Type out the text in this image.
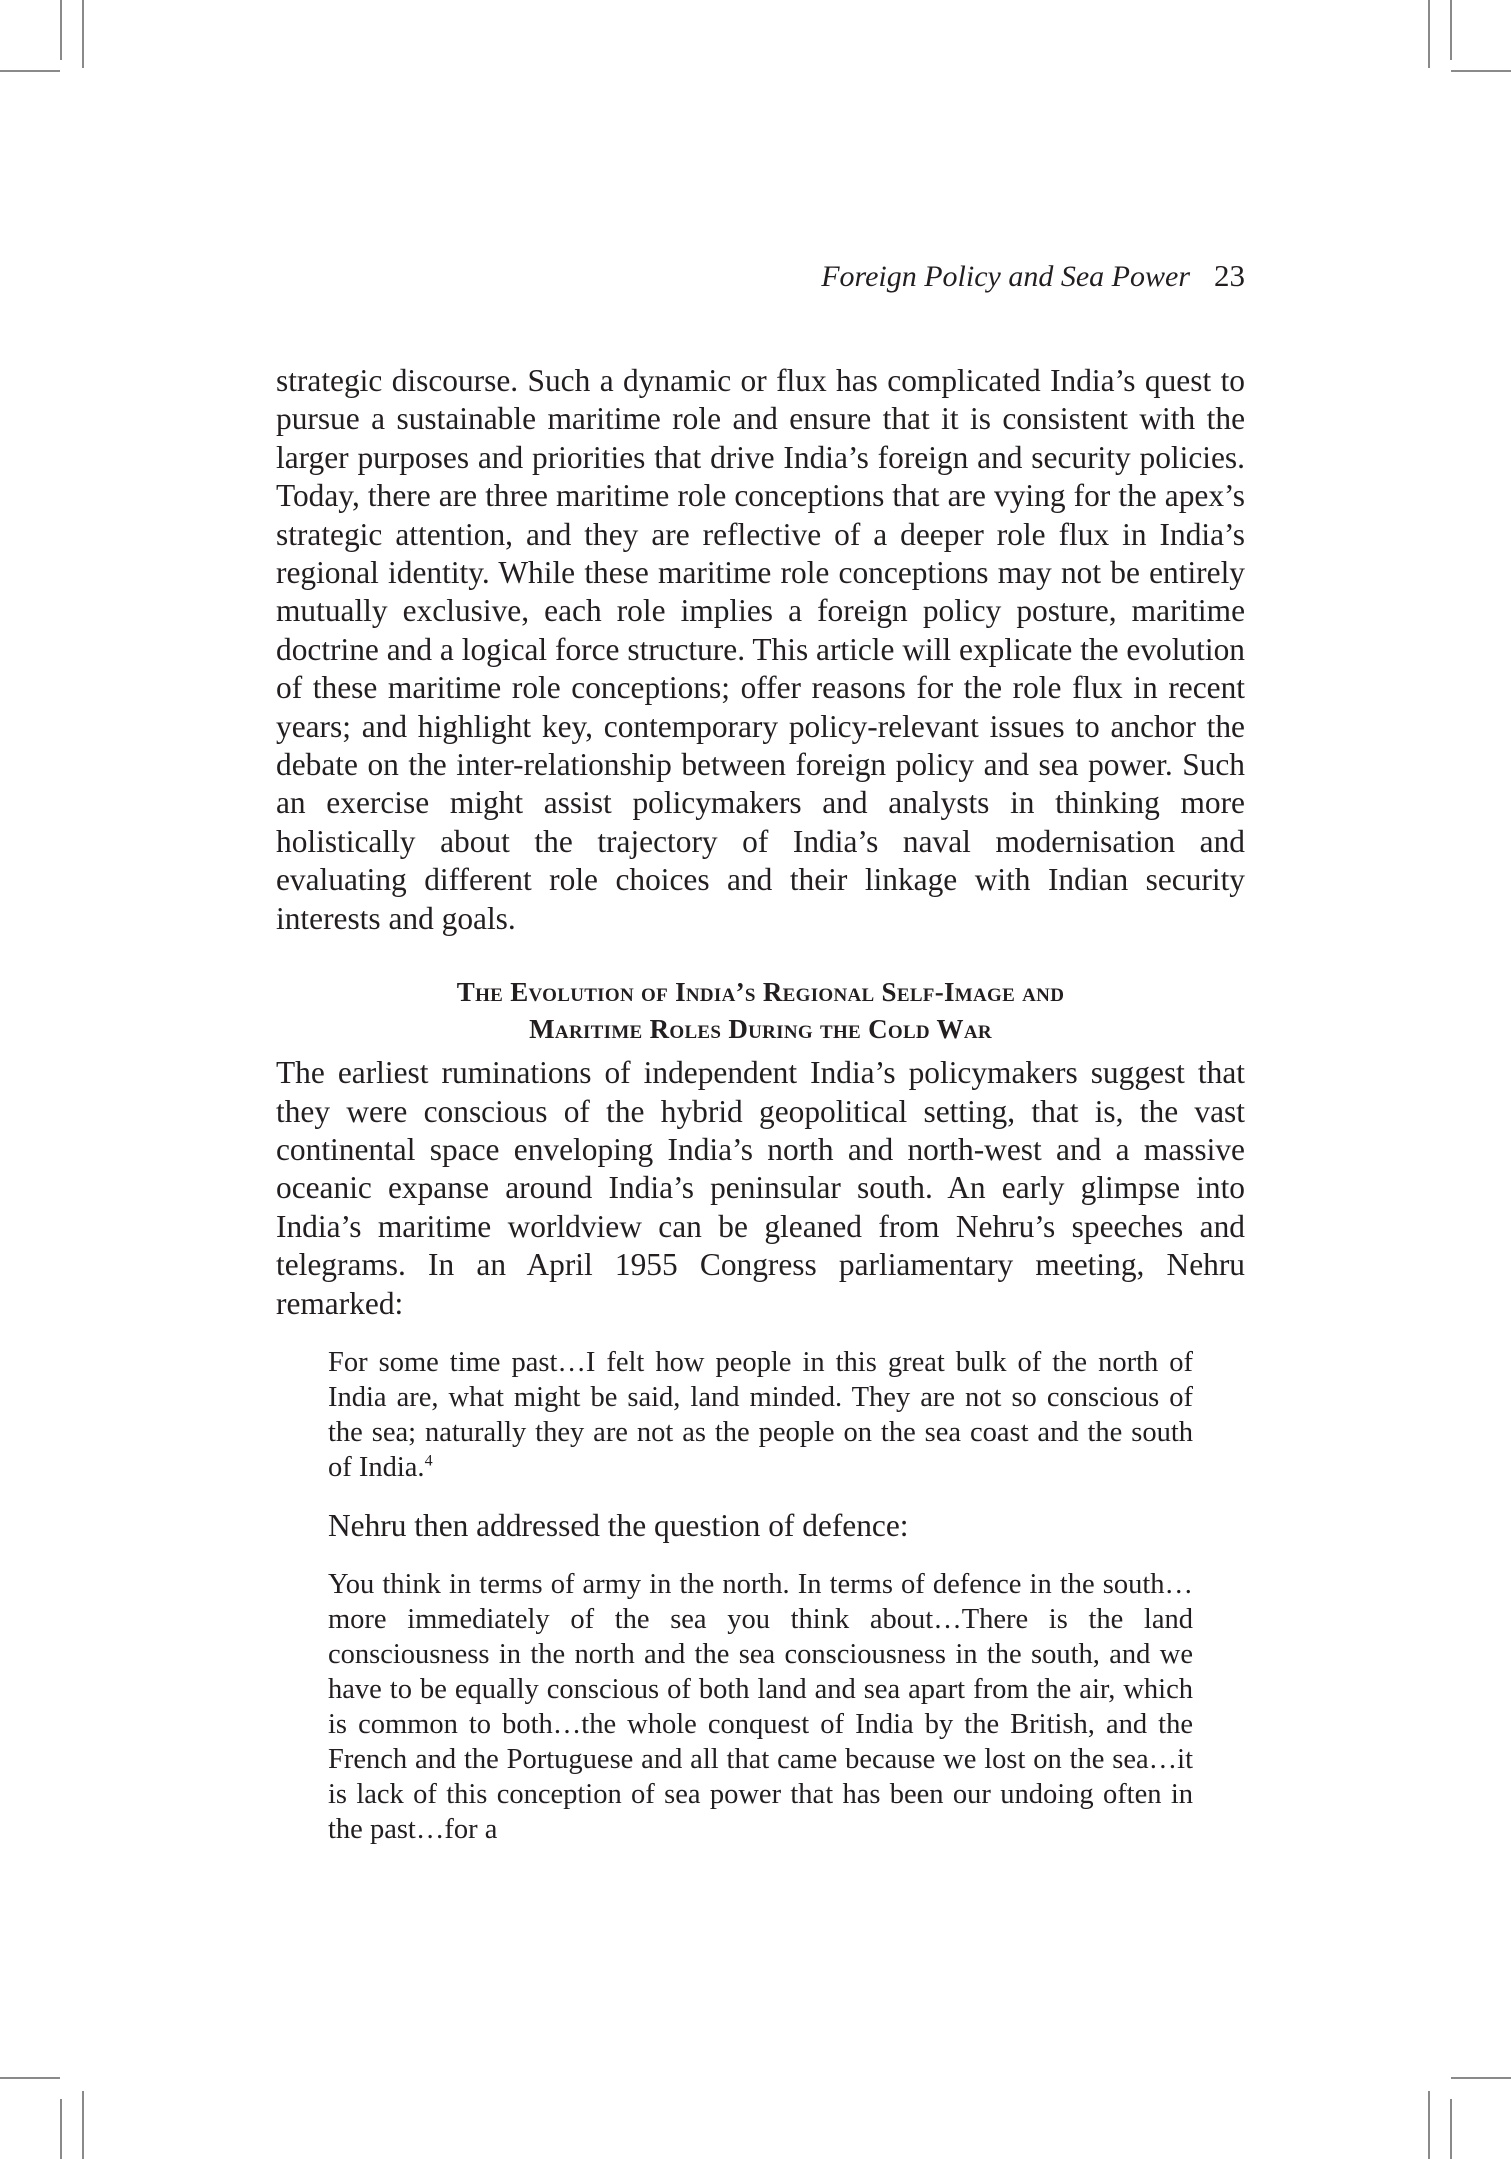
Foreign Policy and Sea Power 23

strategic discourse. Such a dynamic or flux has complicated India’s quest to pursue a sustainable maritime role and ensure that it is consistent with the larger purposes and priorities that drive India’s foreign and security policies. Today, there are three maritime role conceptions that are vying for the apex’s strategic attention, and they are reflective of a deeper role flux in India’s regional identity. While these maritime role conceptions may not be entirely mutually exclusive, each role implies a foreign policy posture, maritime doctrine and a logical force structure. This article will explicate the evolution of these maritime role conceptions; offer reasons for the role flux in recent years; and highlight key, contemporary policy-relevant issues to anchor the debate on the inter-relationship between foreign policy and sea power. Such an exercise might assist policymakers and analysts in thinking more holistically about the trajectory of India’s naval modernisation and evaluating different role choices and their linkage with Indian security interests and goals.

The Evolution of India’s Regional Self-Image and
Maritime Roles During the Cold War

The earliest ruminations of independent India’s policymakers suggest that they were conscious of the hybrid geopolitical setting, that is, the vast continental space enveloping India’s north and north-west and a massive oceanic expanse around India’s peninsular south. An early glimpse into India’s maritime worldview can be gleaned from Nehru’s speeches and telegrams. In an April 1955 Congress parliamentary meeting, Nehru remarked:

For some time past…I felt how people in this great bulk of the north of India are, what might be said, land minded. They are not so conscious of the sea; naturally they are not as the people on the sea coast and the south of India.$^4$

Nehru then addressed the question of defence:

You think in terms of army in the north. In terms of defence in the south…more immediately of the sea you think about…There is the land consciousness in the north and the sea consciousness in the south, and we have to be equally conscious of both land and sea apart from the air, which is common to both…the whole conquest of India by the British, and the French and the Portuguese and all that came because we lost on the sea…it is lack of this conception of sea power that has been our undoing often in the past…for a
